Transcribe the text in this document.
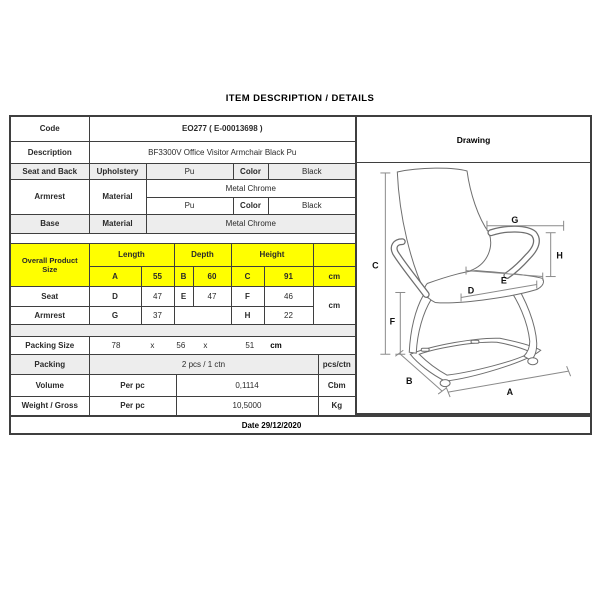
ITEM DESCRIPTION / DETAILS
Code	EO277 ( E-00013698 )											
Description	BF3300V Office Visitor Armchair Black Pu											
Seat and Back	Upholstery		Pu					Color		Black		
Armrest	Material		Metal Chrome									
			Pu					Color		Black		
Base	Material		Metal Chrome									

Overall Product
Size	Length			Depth			Height					
	A	55		B		60	C		91		cm	
Seat	D	47		E		47	F		46		cm	
Armrest	G	37					H		22			

Packing Size	78	x	56 x	51 cm

Packing	2 pcs / 1 ctn											pcs/ctn
Volume	Per pc				0,1114							Cbm
Weight / Gross	Per pc				10,5000							Kg
Drawing
C
F
G
H
E
D
B
A
Date 29/12/2020
